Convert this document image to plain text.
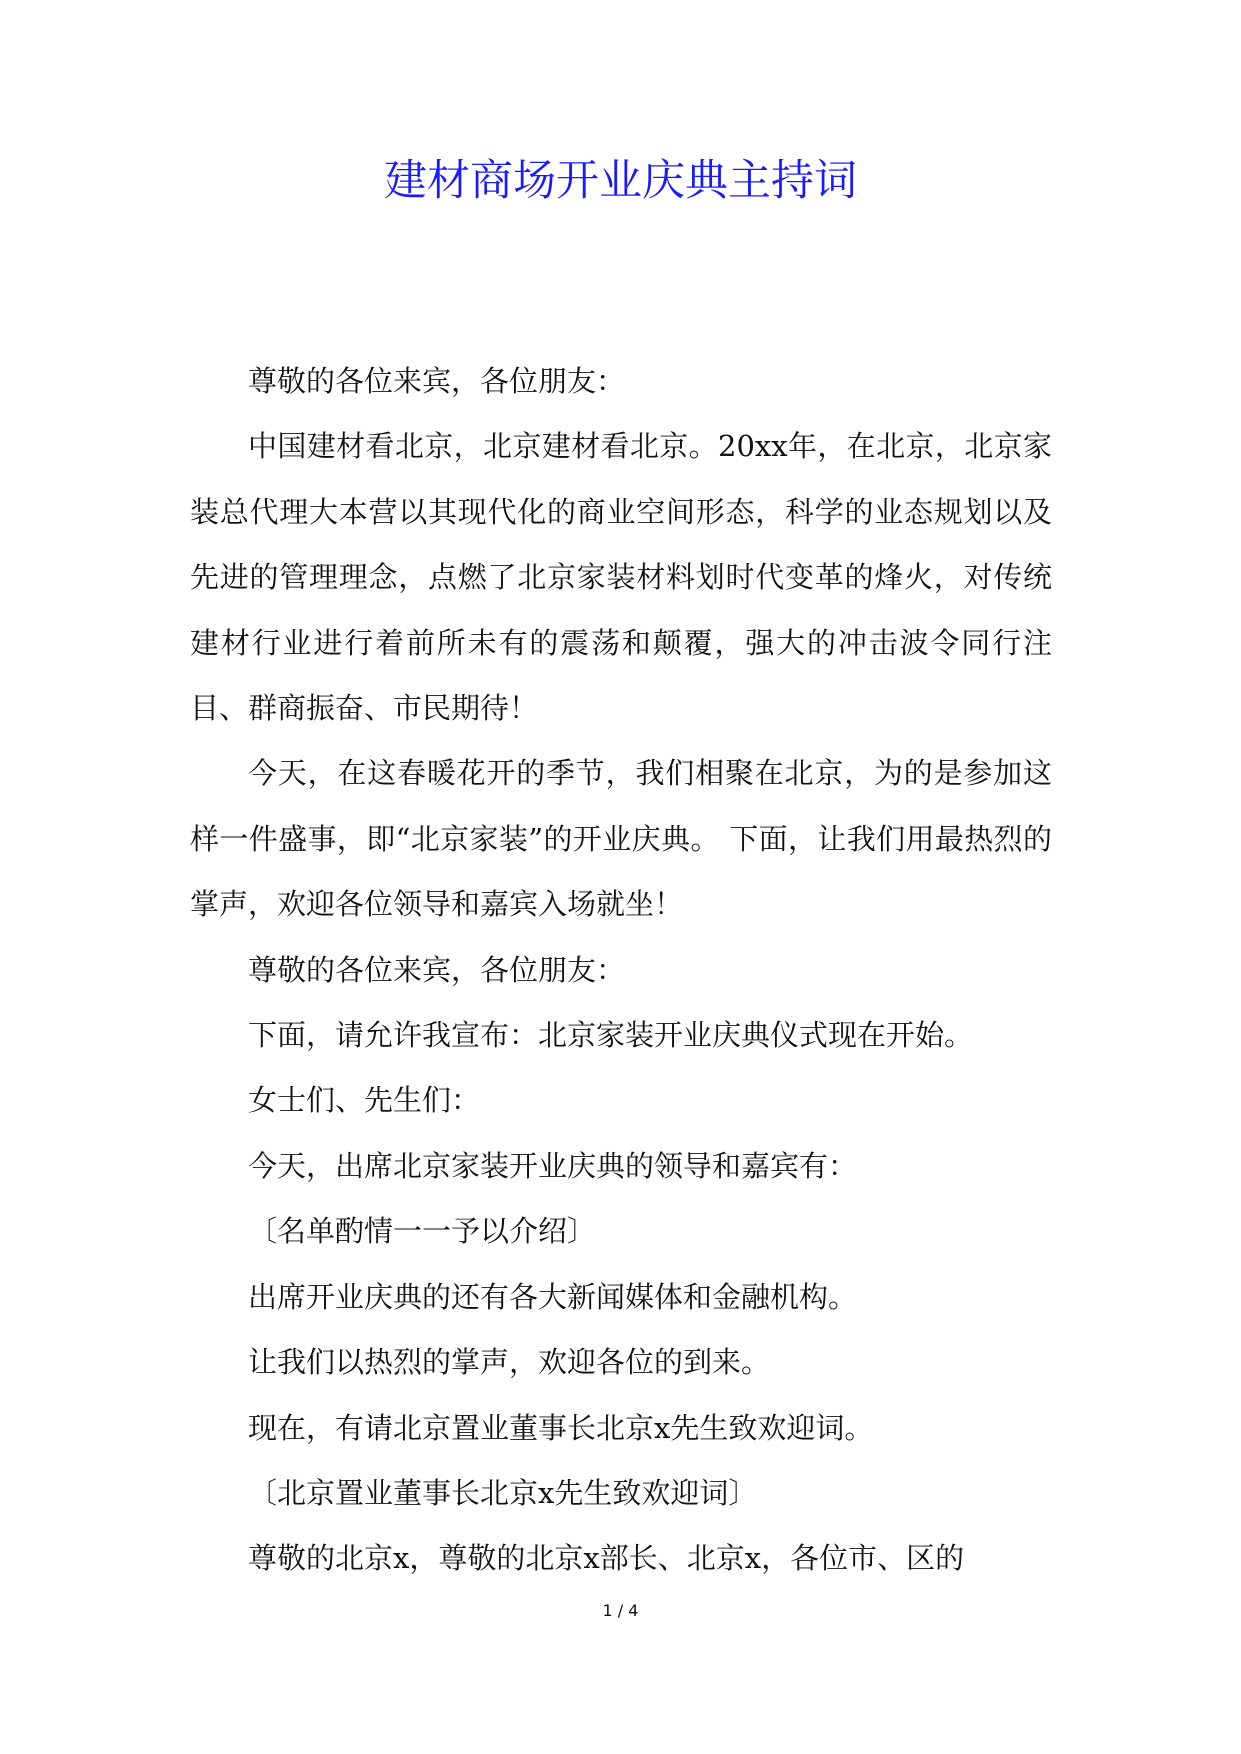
建材商场开业庆典主持词

尊敬的各位来宾，各位朋友：

中国建材看北京，北京建材看北京。20xx年，在北京，北京家装总代理大本营以其现代化的商业空间形态，科学的业态规划以及先进的管理理念，点燃了北京家装材料划时代变革的烽火，对传统建材行业进行着前所未有的震荡和颠覆，强大的冲击波令同行注目、群商振奋、市民期待！

今天，在这春暖花开的季节，我们相聚在北京，为的是参加这样一件盛事，即“北京家装”的开业庆典。 下面，让我们用最热烈的掌声，欢迎各位领导和嘉宾入场就坐！

尊敬的各位来宾，各位朋友：

下面，请允许我宣布：北京家装开业庆典仪式现在开始。

女士们、先生们：

今天，出席北京家装开业庆典的领导和嘉宾有：

〔名单酌情一一予以介绍〕

出席开业庆典的还有各大新闻媒体和金融机构。

让我们以热烈的掌声，欢迎各位的到来。

现在，有请北京置业董事长北京x先生致欢迎词。

〔北京置业董事长北京x先生致欢迎词〕

尊敬的北京x，尊敬的北京x部长、北京x，各位市、区的

1 / 4
